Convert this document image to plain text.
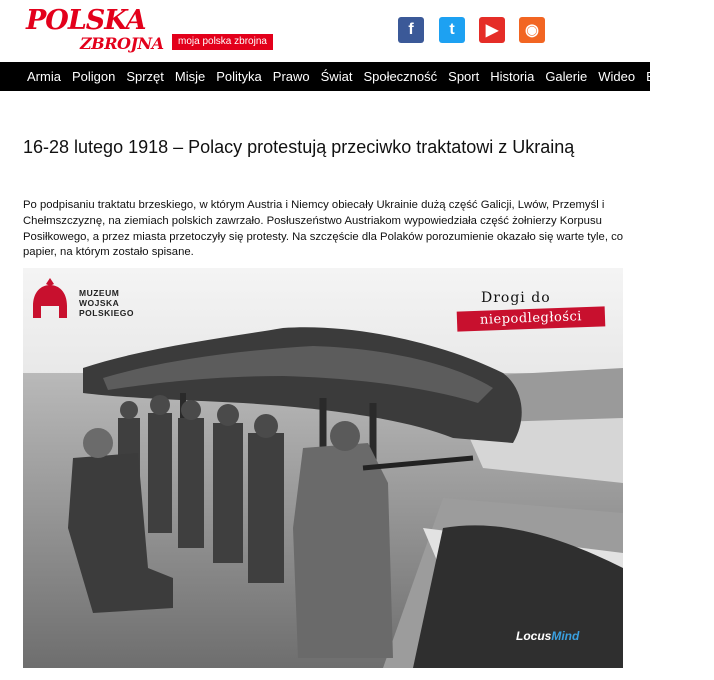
POLSKA
ZBROJNA	moja polska zbrojna
f	t	▶	◉
Armia Poligon Sprzęt Misje Polityka Prawo Świat Społeczność Sport Historia Galerie Wideo ENGLISH
16-28 lutego 1918 – Polacy protestują przeciwko traktatowi z Ukrainą

Po podpisaniu traktatu brzeskiego, w którym Austria i Niemcy obiecały Ukrainie dużą część Galicji, Lwów, Przemyśl i Chełmszczyznę, na ziemiach polskich zawrzało. Posłuszeństwo Austriakom wypowiedziała część żołnierzy Korpusu Posiłkowego, a przez miasta przetoczyły się protesty. Na szczęście dla Polaków porozumienie okazało się warte tyle, co papier, na którym zostało spisane.

MUZEUM
WOJSKA
POLSKIEGO
Drogi do
niepodległości
LocusMind
